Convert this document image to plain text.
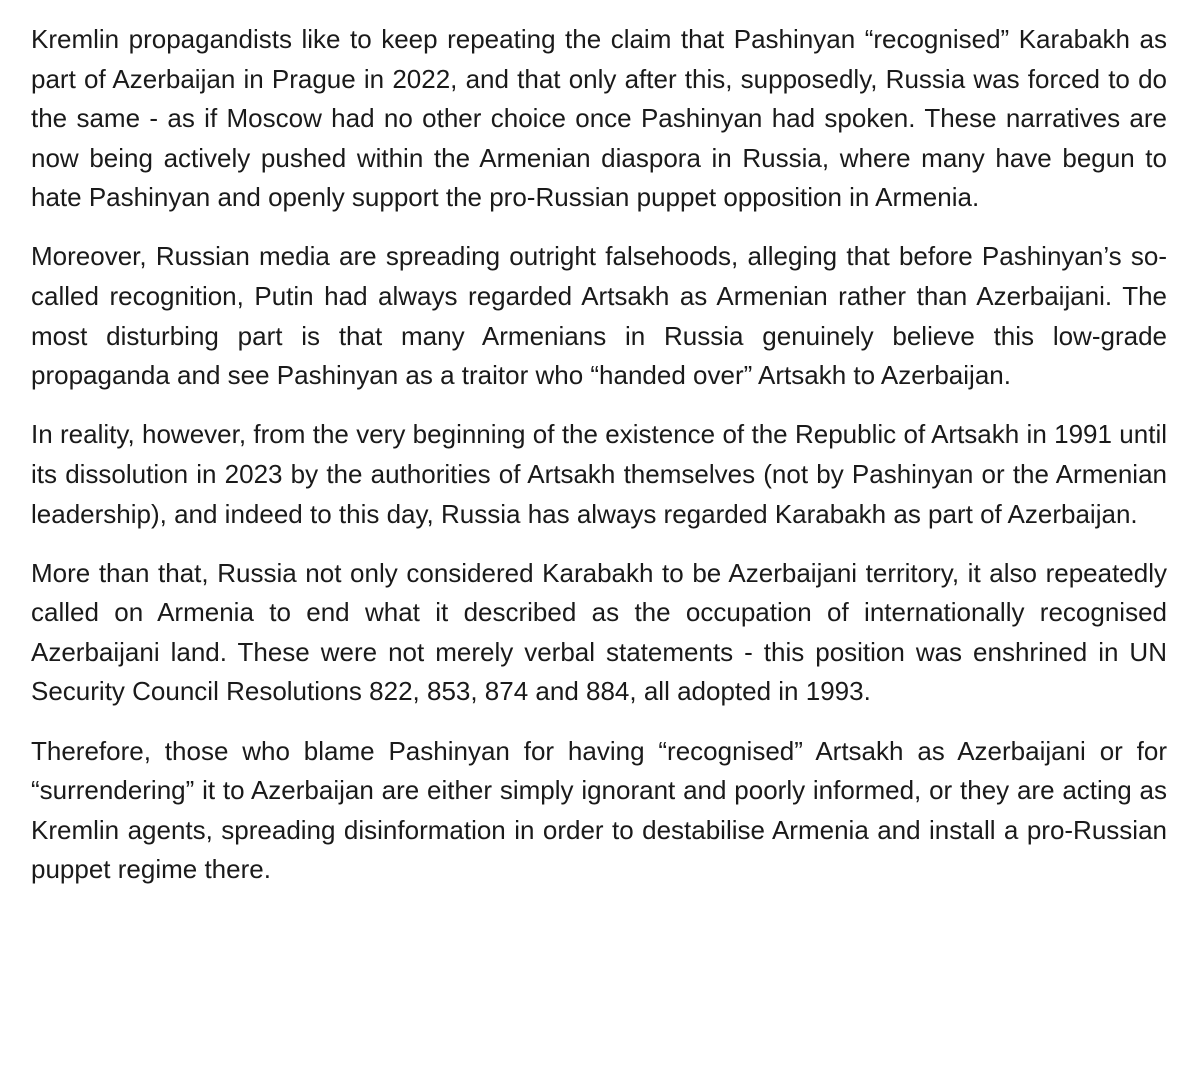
Kremlin propagandists like to keep repeating the claim that Pashinyan “recognised” Karabakh as part of Azerbaijan in Prague in 2022, and that only after this, supposedly, Russia was forced to do the same - as if Moscow had no other choice once Pashinyan had spoken. These narratives are now being actively pushed within the Armenian diaspora in Russia, where many have begun to hate Pashinyan and openly support the pro-Russian puppet opposition in Armenia.

Moreover, Russian media are spreading outright falsehoods, alleging that before Pashinyan’s so-called recognition, Putin had always regarded Artsakh as Armenian rather than Azerbaijani. The most disturbing part is that many Armenians in Russia genuinely believe this low-grade propaganda and see Pashinyan as a traitor who “handed over” Artsakh to Azerbaijan.

In reality, however, from the very beginning of the existence of the Republic of Artsakh in 1991 until its dissolution in 2023 by the authorities of Artsakh themselves (not by Pashinyan or the Armenian leadership), and indeed to this day, Russia has always regarded Karabakh as part of Azerbaijan.

More than that, Russia not only considered Karabakh to be Azerbaijani territory, it also repeatedly called on Armenia to end what it described as the occupation of internationally recognised Azerbaijani land. These were not merely verbal statements - this position was enshrined in UN Security Council Resolutions 822, 853, 874 and 884, all adopted in 1993.

Therefore, those who blame Pashinyan for having “recognised” Artsakh as Azerbaijani or for “surrendering” it to Azerbaijan are either simply ignorant and poorly informed, or they are acting as Kremlin agents, spreading disinformation in order to destabilise Armenia and install a pro-Russian puppet regime there.
